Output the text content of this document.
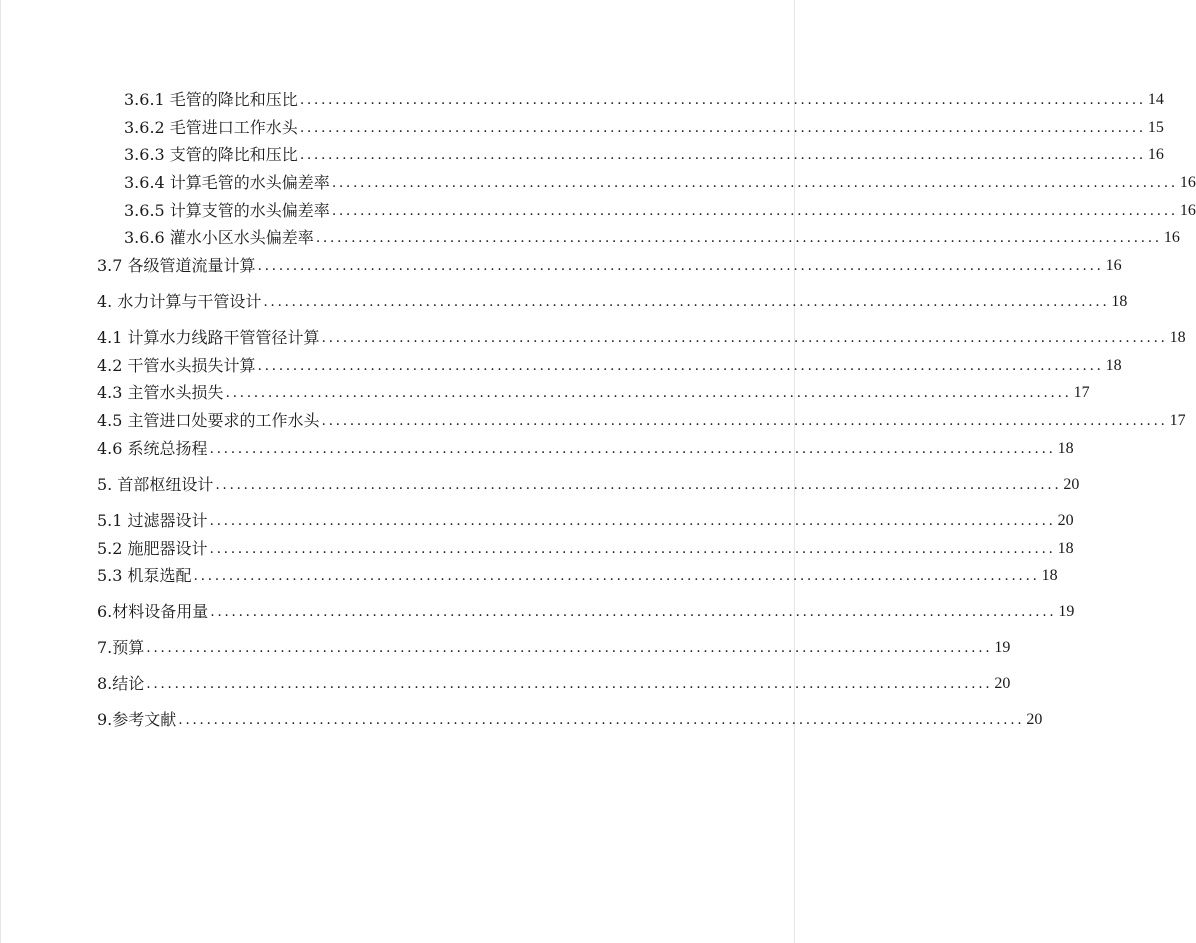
3.6.1 毛管的降比和压比 ........................................................................................................................ 14
3.6.2 毛管进口工作水头 ........................................................................................................................ 15
3.6.3 支管的降比和压比 ........................................................................................................................ 16
3.6.4 计算毛管的水头偏差率 ........................................................................................................................ 16
3.6.5 计算支管的水头偏差率 ........................................................................................................................ 16
3.6.6 灌水小区水头偏差率 ........................................................................................................................ 16
3.7 各级管道流量计算 ........................................................................................................................ 16
4. 水力计算与干管设计 ........................................................................................................................ 18
4.1 计算水力线路干管管径计算 ........................................................................................................................ 18
4.2 干管水头损失计算 ........................................................................................................................ 18
4.3 主管水头损失 ........................................................................................................................ 17
4.5 主管进口处要求的工作水头 ........................................................................................................................ 17
4.6 系统总扬程 ........................................................................................................................ 18
5. 首部枢纽设计 ........................................................................................................................ 20
5.1 过滤器设计 ........................................................................................................................ 20
5.2 施肥器设计 ........................................................................................................................ 18
5.3 机泵选配 ........................................................................................................................ 18
6.材料设备用量 ........................................................................................................................ 19
7.预算 ........................................................................................................................ 19
8.结论 ........................................................................................................................ 20
9.参考文献 ........................................................................................................................ 20
